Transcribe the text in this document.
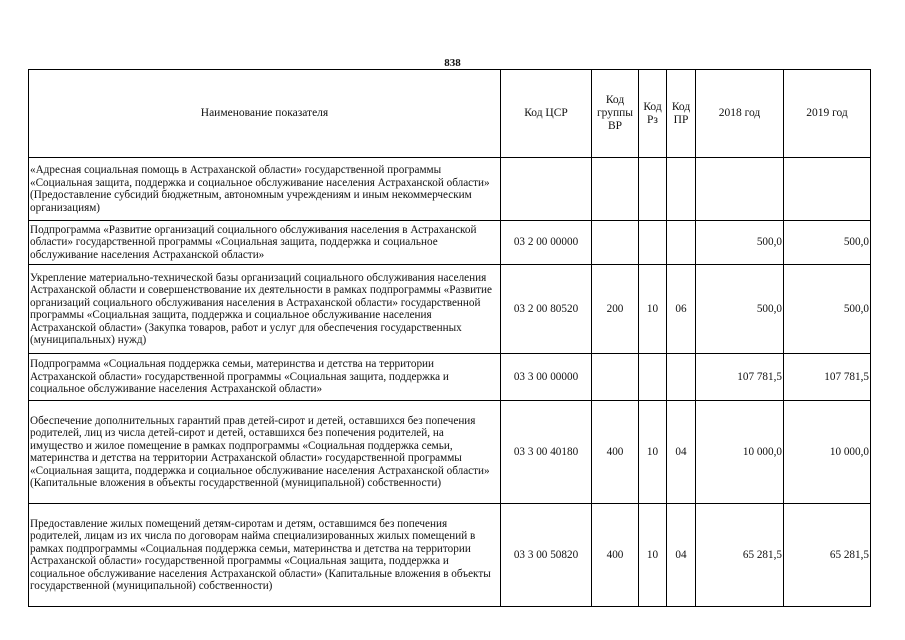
838
Наименование показателя	Код ЦСР	Код группы ВР	Код Рз	Код ПР	2018 год	2019 год
«Адресная социальная помощь в Астраханской области» государственной программы «Социальная защита, поддержка и социальное обслуживание населения Астраханской области» (Предоставление субсидий бюджетным, автономным учреждениям и иным некоммерческим организациям)						
Подпрограмма «Развитие организаций социального обслуживания населения в Астраханской области» государственной программы «Социальная защита, поддержка и социальное обслуживание населения Астраханской области»	03 2 00 00000				500,0	500,0
Укрепление материально-технической базы организаций социального обслуживания населения Астраханской области и совершенствование их деятельности в рамках подпрограммы «Развитие организаций социального обслуживания населения в Астраханской области» государственной программы «Социальная защита, поддержка и социальное обслуживание населения Астраханской области» (Закупка товаров, работ и услуг для обеспечения государственных (муниципальных) нужд)	03 2 00 80520	200	10	06	500,0	500,0
Подпрограмма «Социальная поддержка семьи, материнства и детства на территории Астраханской области» государственной программы «Социальная защита, поддержка и социальное обслуживание населения Астраханской области»	03 3 00 00000				107 781,5	107 781,5
Обеспечение дополнительных гарантий прав детей-сирот и детей, оставшихся без попечения родителей, лиц из числа детей-сирот и детей, оставшихся без попечения родителей, на имущество и жилое помещение в рамках подпрограммы «Социальная поддержка семьи, материнства и детства на территории Астраханской области» государственной программы «Социальная защита, поддержка и социальное обслуживание населения Астраханской области» (Капитальные вложения в объекты государственной (муниципальной) собственности)	03 3 00 40180	400	10	04	10 000,0	10 000,0
Предоставление жилых помещений детям-сиротам и детям, оставшимся без попечения родителей, лицам из их числа по договорам найма специализированных жилых помещений в рамках подпрограммы «Социальная поддержка семьи, материнства и детства на территории Астраханской области» государственной программы «Социальная защита, поддержка и социальное обслуживание населения Астраханской области» (Капитальные вложения в объекты государственной (муниципальной) собственности)	03 3 00 50820	400	10	04	65 281,5	65 281,5
